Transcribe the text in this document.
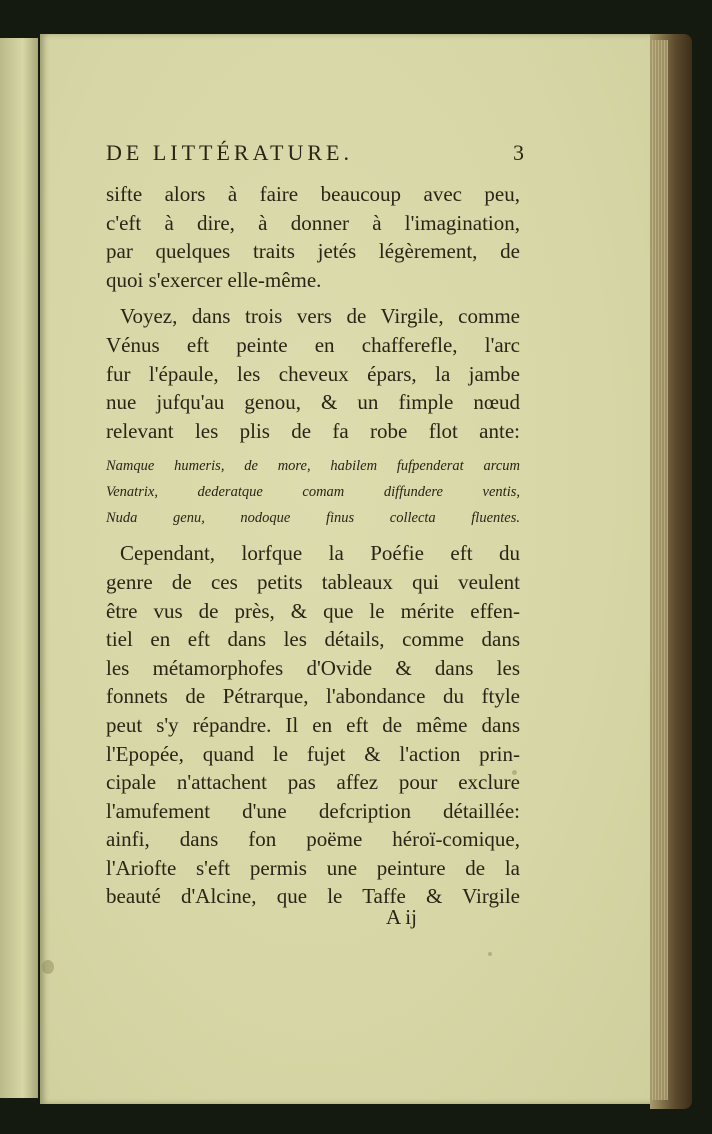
DE LITTÉRATURE.	3
sifte alors à faire beaucoup avec peu,
c'eft à dire, à donner à l'imagination,
par quelques traits jetés légèrement, de
quoi s'exercer elle-même.
Voyez, dans trois vers de Virgile, comme
Vénus eft peinte en chafferefle, l'arc
fur l'épaule, les cheveux épars, la jambe
nue jufqu'au genou, & un fimple nœud
relevant les plis de fa robe flot ante:
Namque humeris, de more, habilem fufpenderat arcum
Venatrix, dederatque comam diffundere ventis,
Nuda genu, nodoque finus collecta fluentes.
Cependant, lorfque la Poéfie eft du
genre de ces petits tableaux qui veulent
être vus de près, & que le mérite effen-
tiel en eft dans les détails, comme dans
les métamorphofes d'Ovide & dans les
fonnets de Pétrarque, l'abondance du ftyle
peut s'y répandre. Il en eft de même dans
l'Epopée, quand le fujet & l'action prin-
cipale n'attachent pas affez pour exclure
l'amufement d'une defcription détaillée:
ainfi, dans fon poëme héroï-comique,
l'Ariofte s'eft permis une peinture de la
beauté d'Alcine, que le Taffe & Virgile
A ij
